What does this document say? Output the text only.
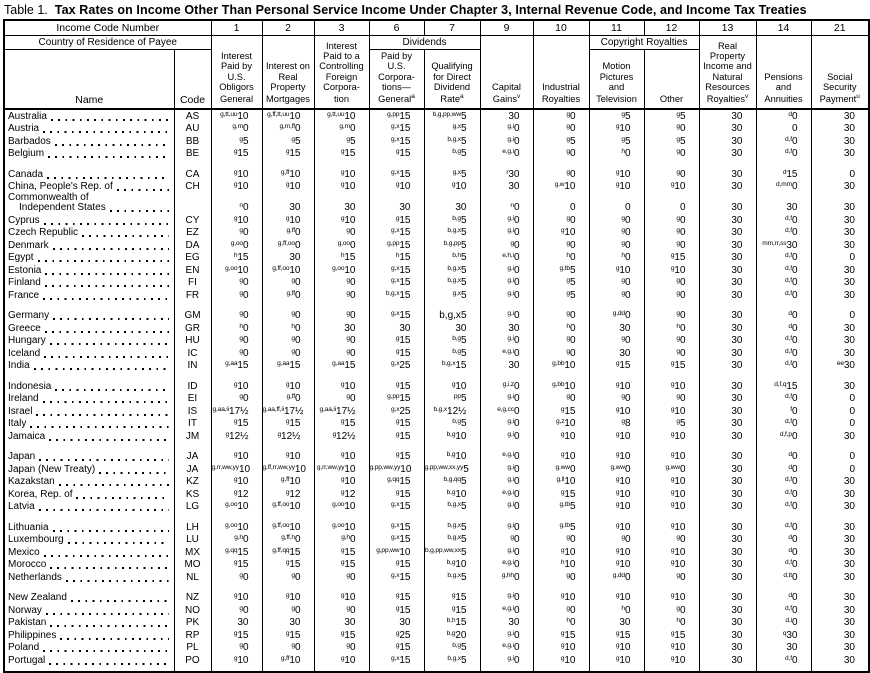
Table 1. Tax Rates on Income Other Than Personal Service Income Under Chapter 3, Internal Revenue Code, and Income Tax Treaties
Income Code Number		1	2	3	6	7	9	10	11	12	13	14	21
Country of Residence of Payee		Interest Paid by U.S. Obligors General	Interest on Real Property Mortgages	Interest Paid to a Controlling Foreign Corpora-tion	Dividends		Capital Gains$^v$	Industrial Royalties	Copyright Royalties		Real Property Income and Natural Resources Royalties$^v$	Pensions and Annuities	Social Security Payment$^u$
Name	Code				Paid by U.S. Corpora-tions—General$^a$	Qualifying for Direct Dividend Rate$^a$			Motion Pictures and Television	Other			

Australia	AS	$^{g,tt,uu}$10	$^{g,ff,tt,uu}$10	$^{g,tt,uu}$10	$^{g,pp}$15	$^{b,g,pp,ww}$5	30	$^g$0	$^g$5	$^g$5	30	$^d$0	30

Austria	AU	$^{g,m}$0	$^{g,m,ff}$0	$^{g,m}$0	$^{g,x}$15	$^{g,x}$5	$^{g,i}$0	$^g$0	$^g$10	$^g$0	30	0	30

Barbados	BB	$^g$5	$^g$5	$^g$5	$^{g,x}$15	$^{b,g,x}$5	$^{g,i}$0	$^g$5	$^g$5	$^g$5	30	$^{d,f}$0	30

Belgium	BE	$^g$15	$^g$15	$^g$15	$^g$15	$^{b,g}$5	$^{e,g,i}$0	$^g$0	$^h$0	$^g$0	30	$^{d,f}$0	30

Canada	CA	$^g$10	$^{g,ff}$10	$^g$10	$^{g,x}$15	$^{g,x}$5	$^r$30	$^g$0	$^g$10	$^g$0	30	$^d$15	0

China, People's Rep. of	CH	$^g$10	$^g$10	$^g$10	$^g$10	$^g$10	30	$^{g,w}$10	$^g$10	$^g$10	30	$^{d,mm}$0	30

Commonwealth of
Independent States		$^n$0	30	30	30	30	$^n$0	0	0	0	30	30	30

Cyprus	CY	$^g$10	$^g$10	$^g$10	$^g$15	$^{b,g}$5	$^{g,i}$0	$^g$0	$^g$0	$^g$0	30	$^{d,f}$0	30

Czech Republic	EZ	$^g$0	$^{g,ff}$0	$^g$0	$^{g,x}$15	$^{b,g,x}$5	$^{g,i}$0	$^g$10	$^g$0	$^g$0	30	$^{d,f}$0	30

Denmark	DA	$^{g,oo}$0	$^{g,ff,oo}$0	$^{g,oo}$0	$^{g,pp}$15	$^{b,g,pp}$5	$^g$0	$^g$0	$^g$0	$^g$0	30	$^{mm,rr,ss}$30	30

Egypt	EG	$^h$15	30	$^h$15	$^h$15	$^{b,h}$5	$^{e,h,i}$0	$^h$0	$^h$0	$^g$15	30	$^{d,f}$0	0

Estonia	EN	$^{g,oo}$10	$^{g,ff,oo}$10	$^{g,oo}$10	$^{g,x}$15	$^{b,g,x}$5	$^{g,i}$0	$^{g,tb}$5	$^g$10	$^g$10	30	$^{d,f}$0	30

Finland	FI	$^g$0	$^g$0	$^g$0	$^{g,x}$15	$^{b,g,x}$5	$^{g,i}$0	$^g$5	$^g$0	$^g$0	30	$^{d,f}$0	30

France	FR	$^g$0	$^{g,ff}$0	$^g$0	$^{b,g,x}$15	$^{g,x}$5	$^{g,i}$0	$^g$5	$^g$0	$^g$0	30	$^{d,f}$0	30

Germany	GM	$^g$0	$^g$0	$^g$0	$^{g,x}$15	b,g,x5	$^{g,i}$0	$^g$0	$^{g,dd}$0	$^g$0	30	$^d$0	0

Greece	GR	$^h$0	$^h$0	30	30	30	30	$^h$0	30	$^h$0	30	$^d$0	30

Hungary	HU	$^g$0	$^g$0	$^g$0	$^g$15	$^{b,g}$5	$^{g,i}$0	$^g$0	$^g$0	$^g$0	30	$^{d,f}$0	30

Iceland	IC	$^g$0	$^g$0	$^g$0	$^g$15	$^{b,g}$5	$^{e,g,i}$0	$^g$0	30	$^g$0	30	$^{d,f}$0	30

India	IN	$^{g,aa}$15	$^{g,aa}$15	$^{g,aa}$15	$^{g,x}$25	$^{b,g,x}$15	30	$^{g,bb}$10	$^g$15	$^g$15	30	$^{d,f}$0	$^{ee}$30

Indonesia	ID	$^g$10	$^g$10	$^g$10	$^g$15	$^g$10	$^{g,i,z}$0	$^{g,bb}$10	$^g$10	$^g$10	30	$^{d,f,q}$15	30

Ireland	EI	$^g$0	$^{g,ff}$0	$^g$0	$^{g,pp}$15	$^{pp}$5	$^{g,i}$0	$^g$0	$^g$0	$^g$0	30	$^{d,f}$0	0

Israel	IS	$^{g,aa,ii}$17½	$^{g,aa,ff,ii}$17½	$^{g,aa,ii}$17½	$^{g,x}$25	$^{b,g,x}$12½	$^{e,g,cc}$0	$^g$15	$^g$10	$^g$10	30	$^f$0	0

Italy	IT	$^g$15	$^g$15	$^g$15	$^g$15	$^{b,g}$5	$^{g,i}$0	$^{g,z}$10	$^g$8	$^g$5	30	$^{d,f}$0	0

Jamaica	JM	$^g$12½	$^g$12½	$^g$12½	$^g$15	$^{b,g}$10	$^{g,i}$0	$^g$10	$^g$10	$^g$10	30	$^{d,f,p}$0	30

Japan	JA	$^g$10	$^g$10	$^g$10	$^g$15	$^{b,g}$10	$^{e,g,i}$0	$^g$10	$^g$10	$^g$10	30	$^d$0	0

Japan (New Treaty)	JA	$^{g,rr,ww,yy}$10	$^{g,ff,rr,ww,yy}$10	$^{g,rr,ww,yy}$10	$^{g,pp,ww,yy}$10	$^{g,pp,ww,xx,yy}$5	$^{g,i}$0	$^{g,ww}$0	$^{g,ww}$0	$^{g,ww}$0	30	$^d$0	0

Kazakstan	KZ	$^g$10	$^{g,ff}$10	$^g$10	$^{g,qq}$15	$^{b,g,qq}$5	$^{g,i}$0	$^{g,ll}$10	$^g$10	$^g$10	30	$^{d,f}$0	30

Korea, Rep. of	KS	$^g$12	$^g$12	$^g$12	$^g$15	$^{b,g}$10	$^{e,g,i}$0	$^g$15	$^g$10	$^g$10	30	$^{d,f}$0	30

Latvia	LG	$^{g,oo}$10	$^{g,ff,oo}$10	$^{g,oo}$10	$^{g,x}$15	$^{b,g,x}$5	$^{g,i}$0	$^{g,tb}$5	$^g$10	$^g$10	30	$^{d,f}$0	30

Lithuania	LH	$^{g,oo}$10	$^{g,ff,oo}$10	$^{g,oo}$10	$^{g,x}$15	$^{b,g,x}$5	$^{g,i}$0	$^{g,tb}$5	$^g$10	$^g$10	30	$^{d,f}$0	30

Luxembourg	LU	$^{g,h}$0	$^{g,ff,h}$0	$^{g,h}$0	$^{g,x}$15	$^{b,g,x}$5	$^g$0	$^g$0	$^g$0	$^g$0	30	$^d$0	30

Mexico	MX	$^{g,qq}$15	$^{g,ff,qq}$15	$^g$15	$^{g,pp,ww}$10	$^{b,g,pp,ww,xx}$5	$^{g,i}$0	$^g$10	$^g$10	$^g$10	30	$^d$0	30

Morocco	MO	$^g$15	$^g$15	$^g$15	$^g$15	$^{b,g}$10	$^{e,g,i}$0	$^h$10	$^g$10	$^g$10	30	$^{d,f}$0	30

Netherlands	NL	$^g$0	$^g$0	$^g$0	$^{g,x}$15	$^{b,g,x}$5	$^{g,hh}$0	$^g$0	$^{g,dd}$0	$^g$0	30	$^{d,tt}$0	30

New Zealand	NZ	$^g$10	$^g$10	$^g$10	$^g$15	$^g$15	$^{g,i}$0	$^g$10	$^g$10	$^g$10	30	$^d$0	30

Norway	NO	$^g$0	$^g$0	$^g$0	$^g$15	$^g$15	$^{e,g,i}$0	$^g$0	$^h$0	$^g$0	30	$^{d,f}$0	30

Pakistan	PK	30	30	30	30	$^{b,h}$15	30	$^h$0	30	$^h$0	30	$^{d,i}$0	30

Philippines	RP	$^g$15	$^g$15	$^g$15	$^g$25	$^{b,g}$20	$^{g,i}$0	$^g$15	$^g$15	$^g$15	30	$^q$30	30

Poland	PL	$^g$0	$^g$0	$^g$0	$^g$15	$^{b,g}$5	$^{e,g,i}$0	$^g$10	$^g$10	$^g$10	30	30	30

Portugal	PO	$^g$10	$^{g,ff}$10	$^g$10	$^{g,x}$15	$^{b,g,x}$5	$^{g,i}$0	$^g$10	$^g$10	$^g$10	30	$^{d,f}$0	30
